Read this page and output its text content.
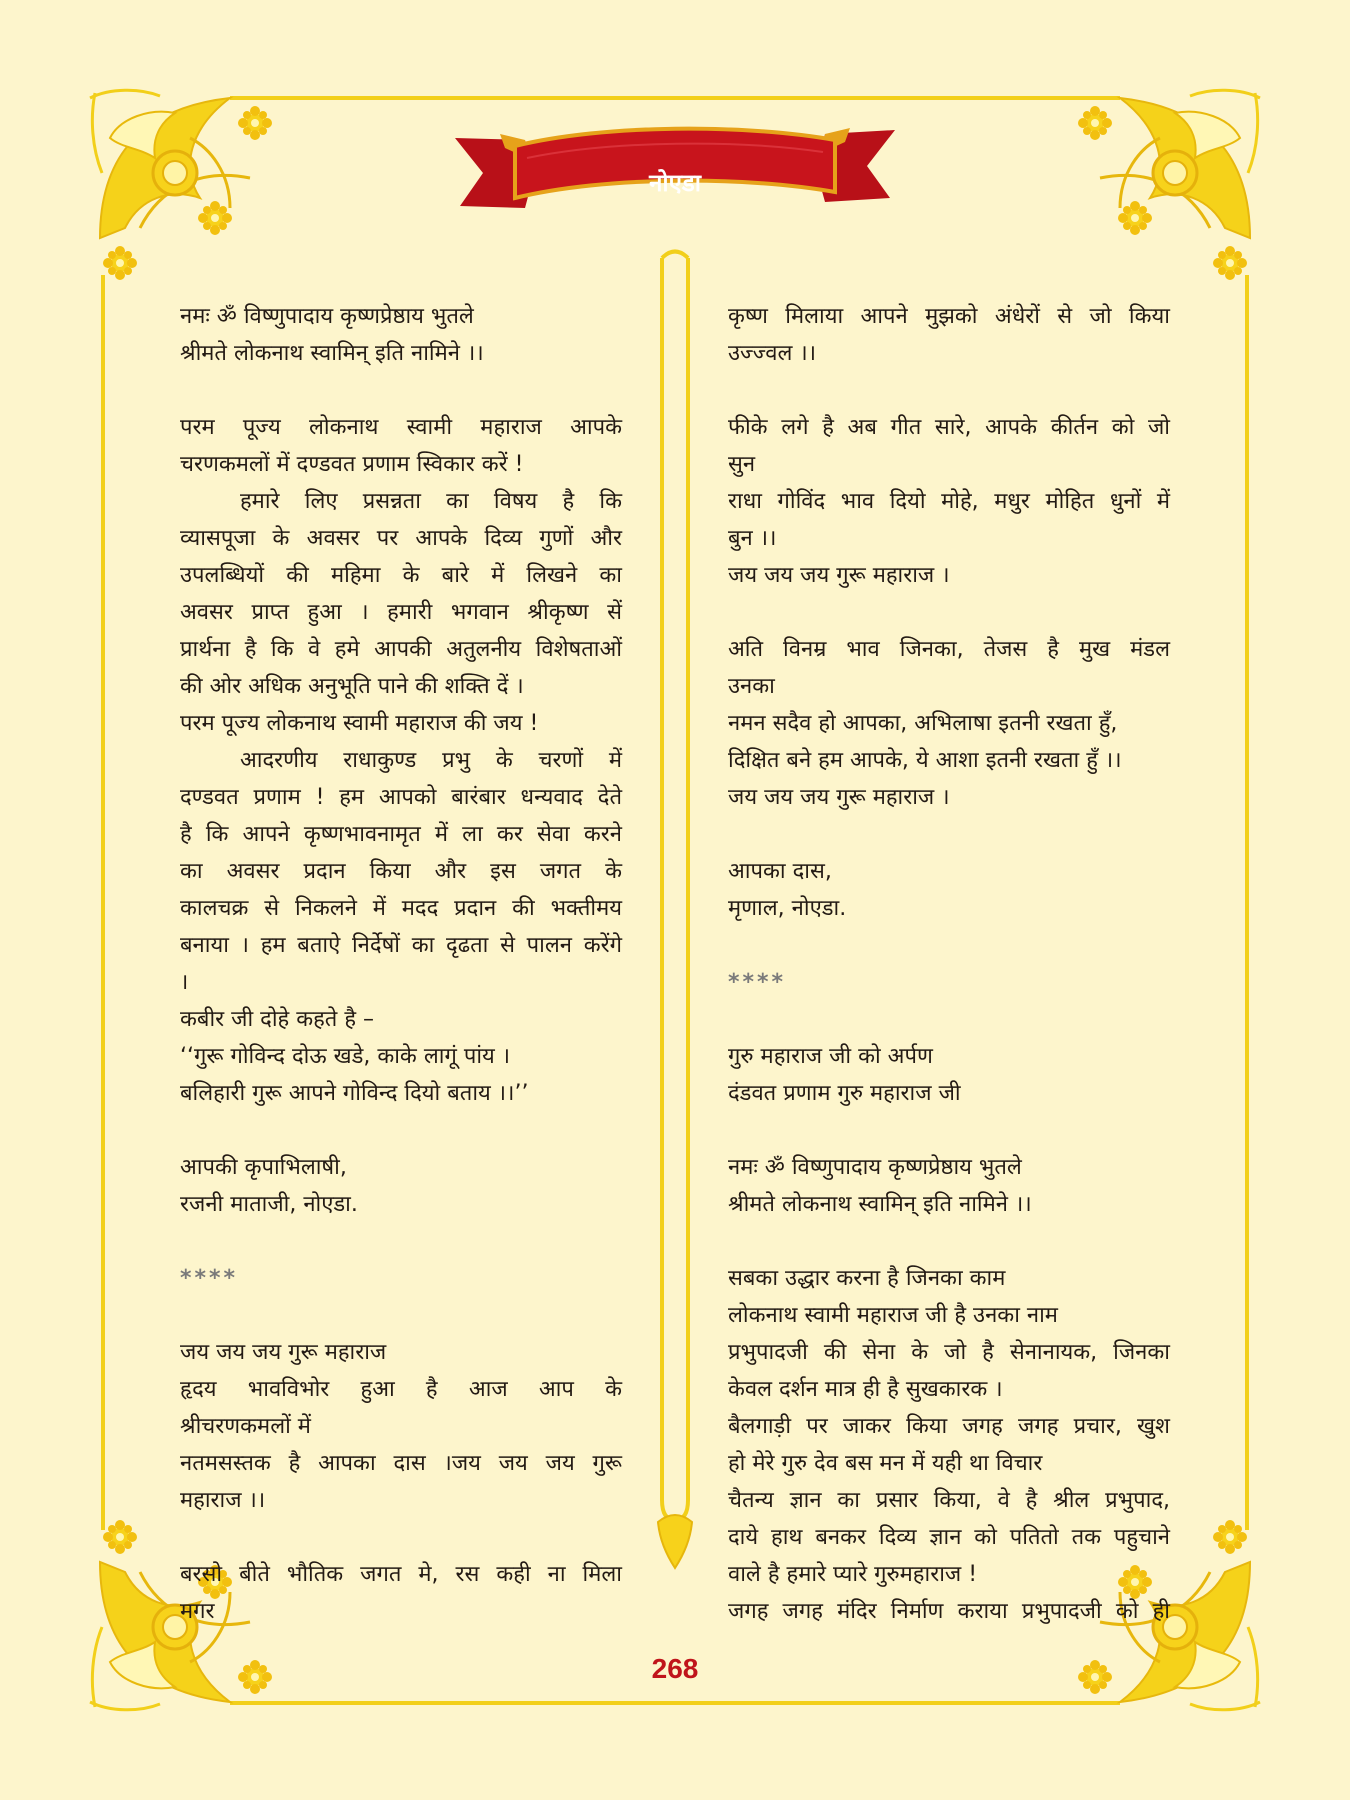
नोएडा
नमः ॐ विष्णुपादाय कृष्णप्रेष्ठाय भुतले
श्रीमते लोकनाथ स्वामिन् इति नामिने ।।
परम पूज्य लोकनाथ स्वामी महाराज आपके
चरणकमलों में दण्डवत प्रणाम स्विकार करें !
हमारे लिए प्रसन्नता का विषय है कि
व्यासपूजा के अवसर पर आपके दिव्य गुणों और
उपलब्धियों की महिमा के बारे में लिखने का
अवसर प्राप्त हुआ । हमारी भगवान श्रीकृष्ण सें
प्रार्थना है कि वे हमे आपकी अतुलनीय विशेषताओं
की ओर अधिक अनुभूति पाने की शक्ति दें ।
परम पूज्य लोकनाथ स्वामी महाराज की जय !
आदरणीय राधाकुण्ड प्रभु के चरणों में
दण्डवत प्रणाम ! हम आपको बारंबार धन्यवाद देते
है कि आपने कृष्णभावनामृत में ला कर सेवा करने
का अवसर प्रदान किया और इस जगत के
कालचक्र से निकलने में मदद प्रदान की भक्तीमय
बनाया । हम बताऐ निर्देषों का दृढता से पालन करेंगे
।
कबीर जी दोहे कहते है –
‘‘गुरू गोविन्द दोऊ खडे, काके लागूं पांय ।
बलिहारी गुरू आपने गोविन्द दियो बताय ।।’’
आपकी कृपाभिलाषी,
रजनी माताजी, नोएडा.
****
जय जय जय गुरू महाराज
हृदय भावविभोर हुआ है आज आप के
श्रीचरणकमलों में
नतमसस्तक है आपका दास ।जय जय जय गुरू
महाराज ।।
बरसो बीते भौतिक जगत मे, रस कही ना मिला
मगर
कृष्ण मिलाया आपने मुझको अंधेरों से जो किया
उज्ज्वल ।।
फीके लगे है अब गीत सारे, आपके कीर्तन को जो
सुन
राधा गोविंद भाव दियो मोहे, मधुर मोहित धुनों में
बुन ।।
जय जय जय गुरू महाराज ।
अति विनम्र भाव जिनका, तेजस है मुख मंडल
उनका
नमन सदैव हो आपका, अभिलाषा इतनी रखता हुँ,
दिक्षित बने हम आपके, ये आशा इतनी रखता हुँ ।।
जय जय जय गुरू महाराज ।
आपका दास,
मृणाल, नोएडा.
****
गुरु महाराज जी को अर्पण
दंडवत प्रणाम गुरु महाराज जी
नमः ॐ विष्णुपादाय कृष्णप्रेष्ठाय भुतले
श्रीमते लोकनाथ स्वामिन् इति नामिने ।।
सबका उद्धार करना है जिनका काम
लोकनाथ स्वामी महाराज जी है उनका नाम
प्रभुपादजी की सेना के जो है सेनानायक, जिनका
केवल दर्शन मात्र ही है सुखकारक ।
बैलगाड़ी पर जाकर किया जगह जगह प्रचार, खुश
हो मेरे गुरु देव बस मन में यही था विचार
चैतन्य ज्ञान का प्रसार किया, वे है श्रील प्रभुपाद,
दाये हाथ बनकर दिव्य ज्ञान को पतितो तक पहुचाने
वाले है हमारे प्यारे गुरुमहाराज !
जगह जगह मंदिर निर्माण कराया प्रभुपादजी को ही
268
